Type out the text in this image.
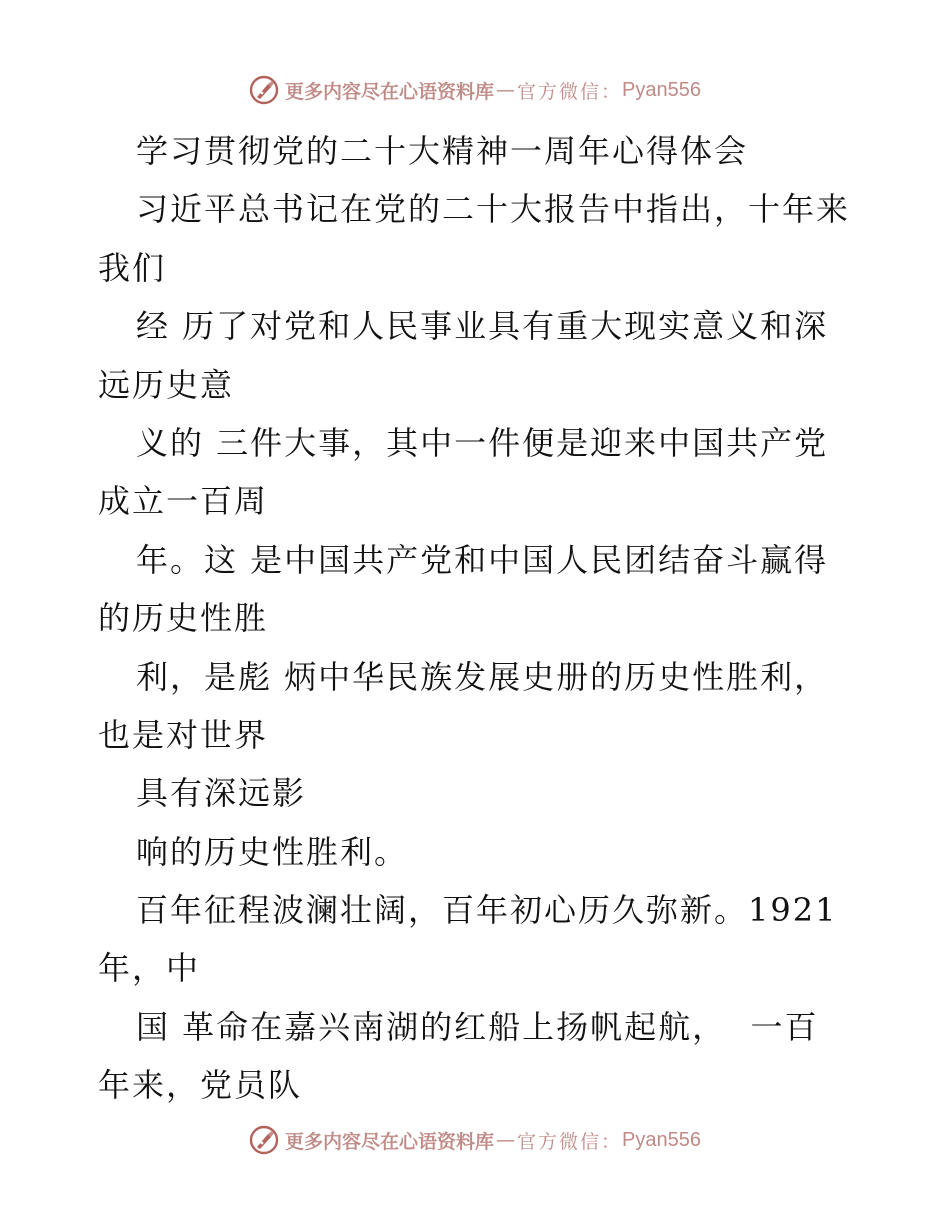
更多内容尽在心语资料库 — 官方微信： Pyan556
学习贯彻党的二十大精神一周年心得体会
习近平总书记在党的二十大报告中指出，十年来
我们
经 历了对党和人民事业具有重大现实意义和深
远历史意
义的 三件大事，其中一件便是迎来中国共产党
成立一百周
年。这 是中国共产党和中国人民团结奋斗赢得
的历史性胜
利，是彪 炳中华民族发展史册的历史性胜利，
也是对世界
具有深远影
响的历史性胜利。
百年征程波澜壮阔，百年初心历久弥新。1921
年，中
国 革命在嘉兴南湖的红船上扬帆起航，  一百
年来，党员队
更多内容尽在心语资料库 — 官方微信： Pyan556
